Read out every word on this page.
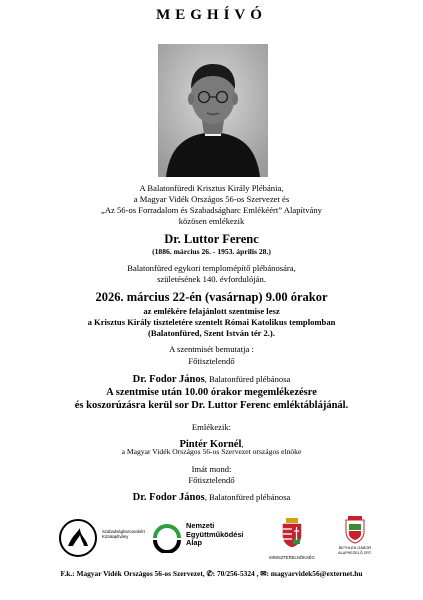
MEGHÍVÓ
A Balatonfüredi Krisztus Király Plébánia,
a Magyar Vidék Országos 56-os Szervezet és
„Az 56-os Forradalom és Szabadságharc Emlékéért” Alapítvány
közösen emlékezik
Dr. Luttor Ferenc
(1886. március 26. - 1953. április 28.)
Balatonfüred egykori templomépítő plébánosára,
születésének 140. évfordulóján.
2026. március 22-én (vasárnap) 9.00 órakor
az emlékére felajánlott szentmise lesz
a Krisztus Király tiszteletére szentelt Római Katolikus templomban
(Balatonfüred, Szent István tér 2.).
A szentmisét bemutatja :
Főtisztelendő
Dr. Fodor János, Balatonfüred plébánosa
A szentmise után 10.00 órakor megemlékezésre
és koszorúzásra kerül sor Dr. Luttor Ferenc emléktáblájánál.
Emlékezik:
Pintér Kornél,
a Magyar Vidék Országos 56-os Szervezet országos elnöke
Imát mond:
Főtisztelendő
Dr. Fodor János, Balatonfüred plébánosa
Szabadságharcosokért
Közalapítvány
Nemzeti
Együttműködési
Alap
MINISZTERELNÖKSÉG
BETHLEN GÁBOR
ALAPKEZELŐ ZRT.
F.k.: Magyar Vidék Országos 56-os Szervezet, ✆: 70/256-5324 , ✉: magyarvidek56@externet.hu
